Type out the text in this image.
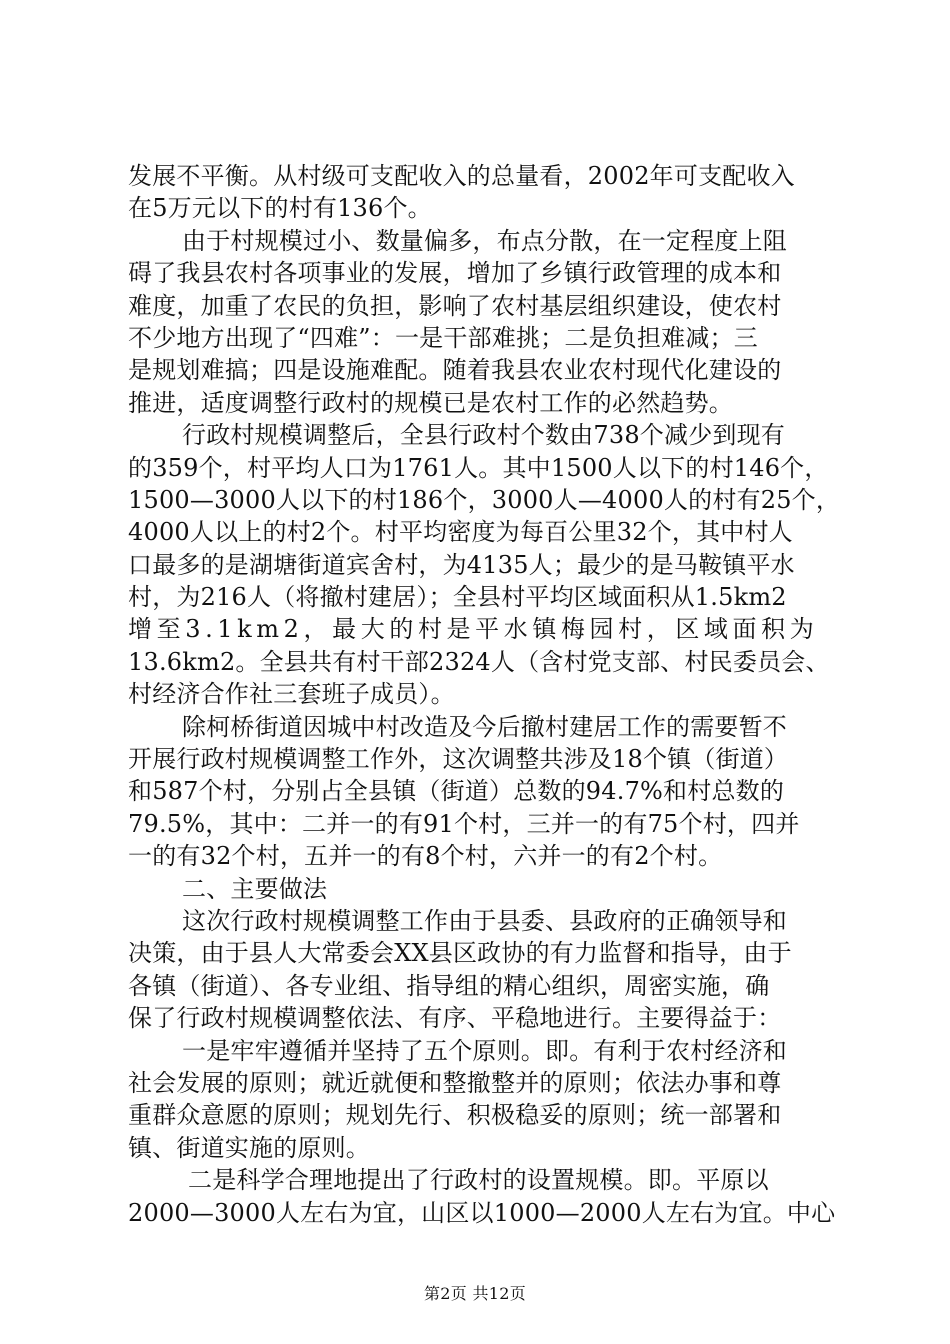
发展不平衡。从村级可支配收入的总量看，2002年可支配收入
在5万元以下的村有136个。
由于村规模过小、数量偏多，布点分散，在一定程度上阻
碍了我县农村各项事业的发展，增加了乡镇行政管理的成本和
难度，加重了农民的负担，影响了农村基层组织建设，使农村
不少地方出现了“四难”：一是干部难挑；二是负担难减；三
是规划难搞；四是设施难配。随着我县农业农村现代化建设的
推进，适度调整行政村的规模已是农村工作的必然趋势。
行政村规模调整后，全县行政村个数由738个减少到现有
的359个，村平均人口为1761人。其中1500人以下的村146个，
1500—3000人以下的村186个，3000人—4000人的村有25个，
4000人以上的村2个。村平均密度为每百公里32个，其中村人
口最多的是湖塘街道宾舍村，为4135人；最少的是马鞍镇平水
村，为216人（将撤村建居）；全县村平均区域面积从1.5km2
增至3.1km2，最大的村是平水镇梅园村，区域面积为
13.6km2。全县共有村干部2324人（含村党支部、村民委员会、
村经济合作社三套班子成员）。
除柯桥街道因城中村改造及今后撤村建居工作的需要暂不
开展行政村规模调整工作外，这次调整共涉及18个镇（街道）
和587个村，分别占全县镇（街道）总数的94.7%和村总数的
79.5%，其中：二并一的有91个村，三并一的有75个村，四并
一的有32个村，五并一的有8个村，六并一的有2个村。
二、主要做法
这次行政村规模调整工作由于县委、县政府的正确领导和
决策，由于县人大常委会XX县区政协的有力监督和指导，由于
各镇（街道）、各专业组、指导组的精心组织，周密实施，确
保了行政村规模调整依法、有序、平稳地进行。主要得益于：
一是牢牢遵循并坚持了五个原则。即。有利于农村经济和
社会发展的原则；就近就便和整撤整并的原则；依法办事和尊
重群众意愿的原则；规划先行、积极稳妥的原则；统一部署和
镇、街道实施的原则。
二是科学合理地提出了行政村的设置规模。即。平原以
2000—3000人左右为宜，山区以1000—2000人左右为宜。中心
第2页 共12页
